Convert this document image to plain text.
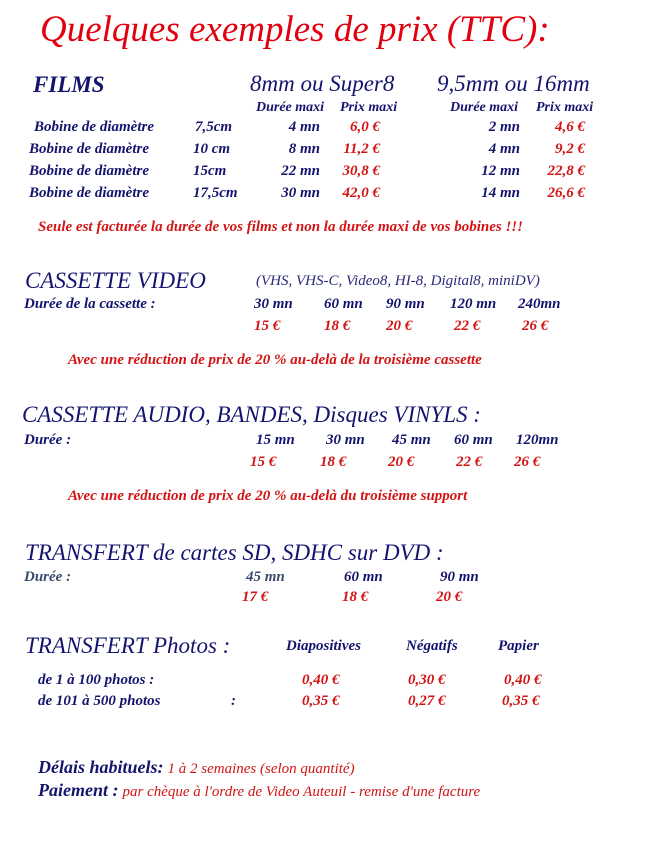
Quelques exemples de prix (TTC):
FILMS	8mm ou Super8 9,5mm ou 16mm
Durée maxi Prix maxi	Durée maxi Prix maxi
Bobine de diamètre	7,5cm	4 mn	6,0 €	2 mn	4,6 €
Bobine de diamètre	10 cm	8 mn	11,2 €	4 mn	9,2 €
Bobine de diamètre	15cm	22 mn	30,8 €	12 mn	22,8 €
Bobine de diamètre	17,5cm	30 mn	42,0 €	14 mn	26,6 €
Seule est facturée la durée de vos films et non la durée maxi de vos bobines !!!
CASSETTE VIDEO	(VHS, VHS-C, Video8, HI-8, Digital8, miniDV)
Durée de la cassette :	30 mn 60 mn 90 mn 120 mn 240mn
15 €	18 € 20 €	22 €	26 €
Avec une réduction de prix de 20 % au-delà de la troisième cassette
CASSETTE AUDIO, BANDES, Disques VINYLS :
Durée :	15 mn 30 mn 45 mn 60 mn 120mn
15 €	18 €	20 €	22 € 26 €
Avec une réduction de prix de 20 % au-delà du troisième support
TRANSFERT de cartes SD, SDHC sur DVD :
Durée :	45 mn	60 mn	90 mn
17 €	18 €	20 €
TRANSFERT Photos :	Diapositives	Négatifs	Papier
de 1 à 100 photos :	0,40 €	0,30 €	0,40 €
de 101 à 500 photos	:	0,35 €	0,27 €	0,35 €
Délais habituels: 1 à 2 semaines (selon quantité)
Paiement : par chèque à l'ordre de Video Auteuil - remise d'une facture
